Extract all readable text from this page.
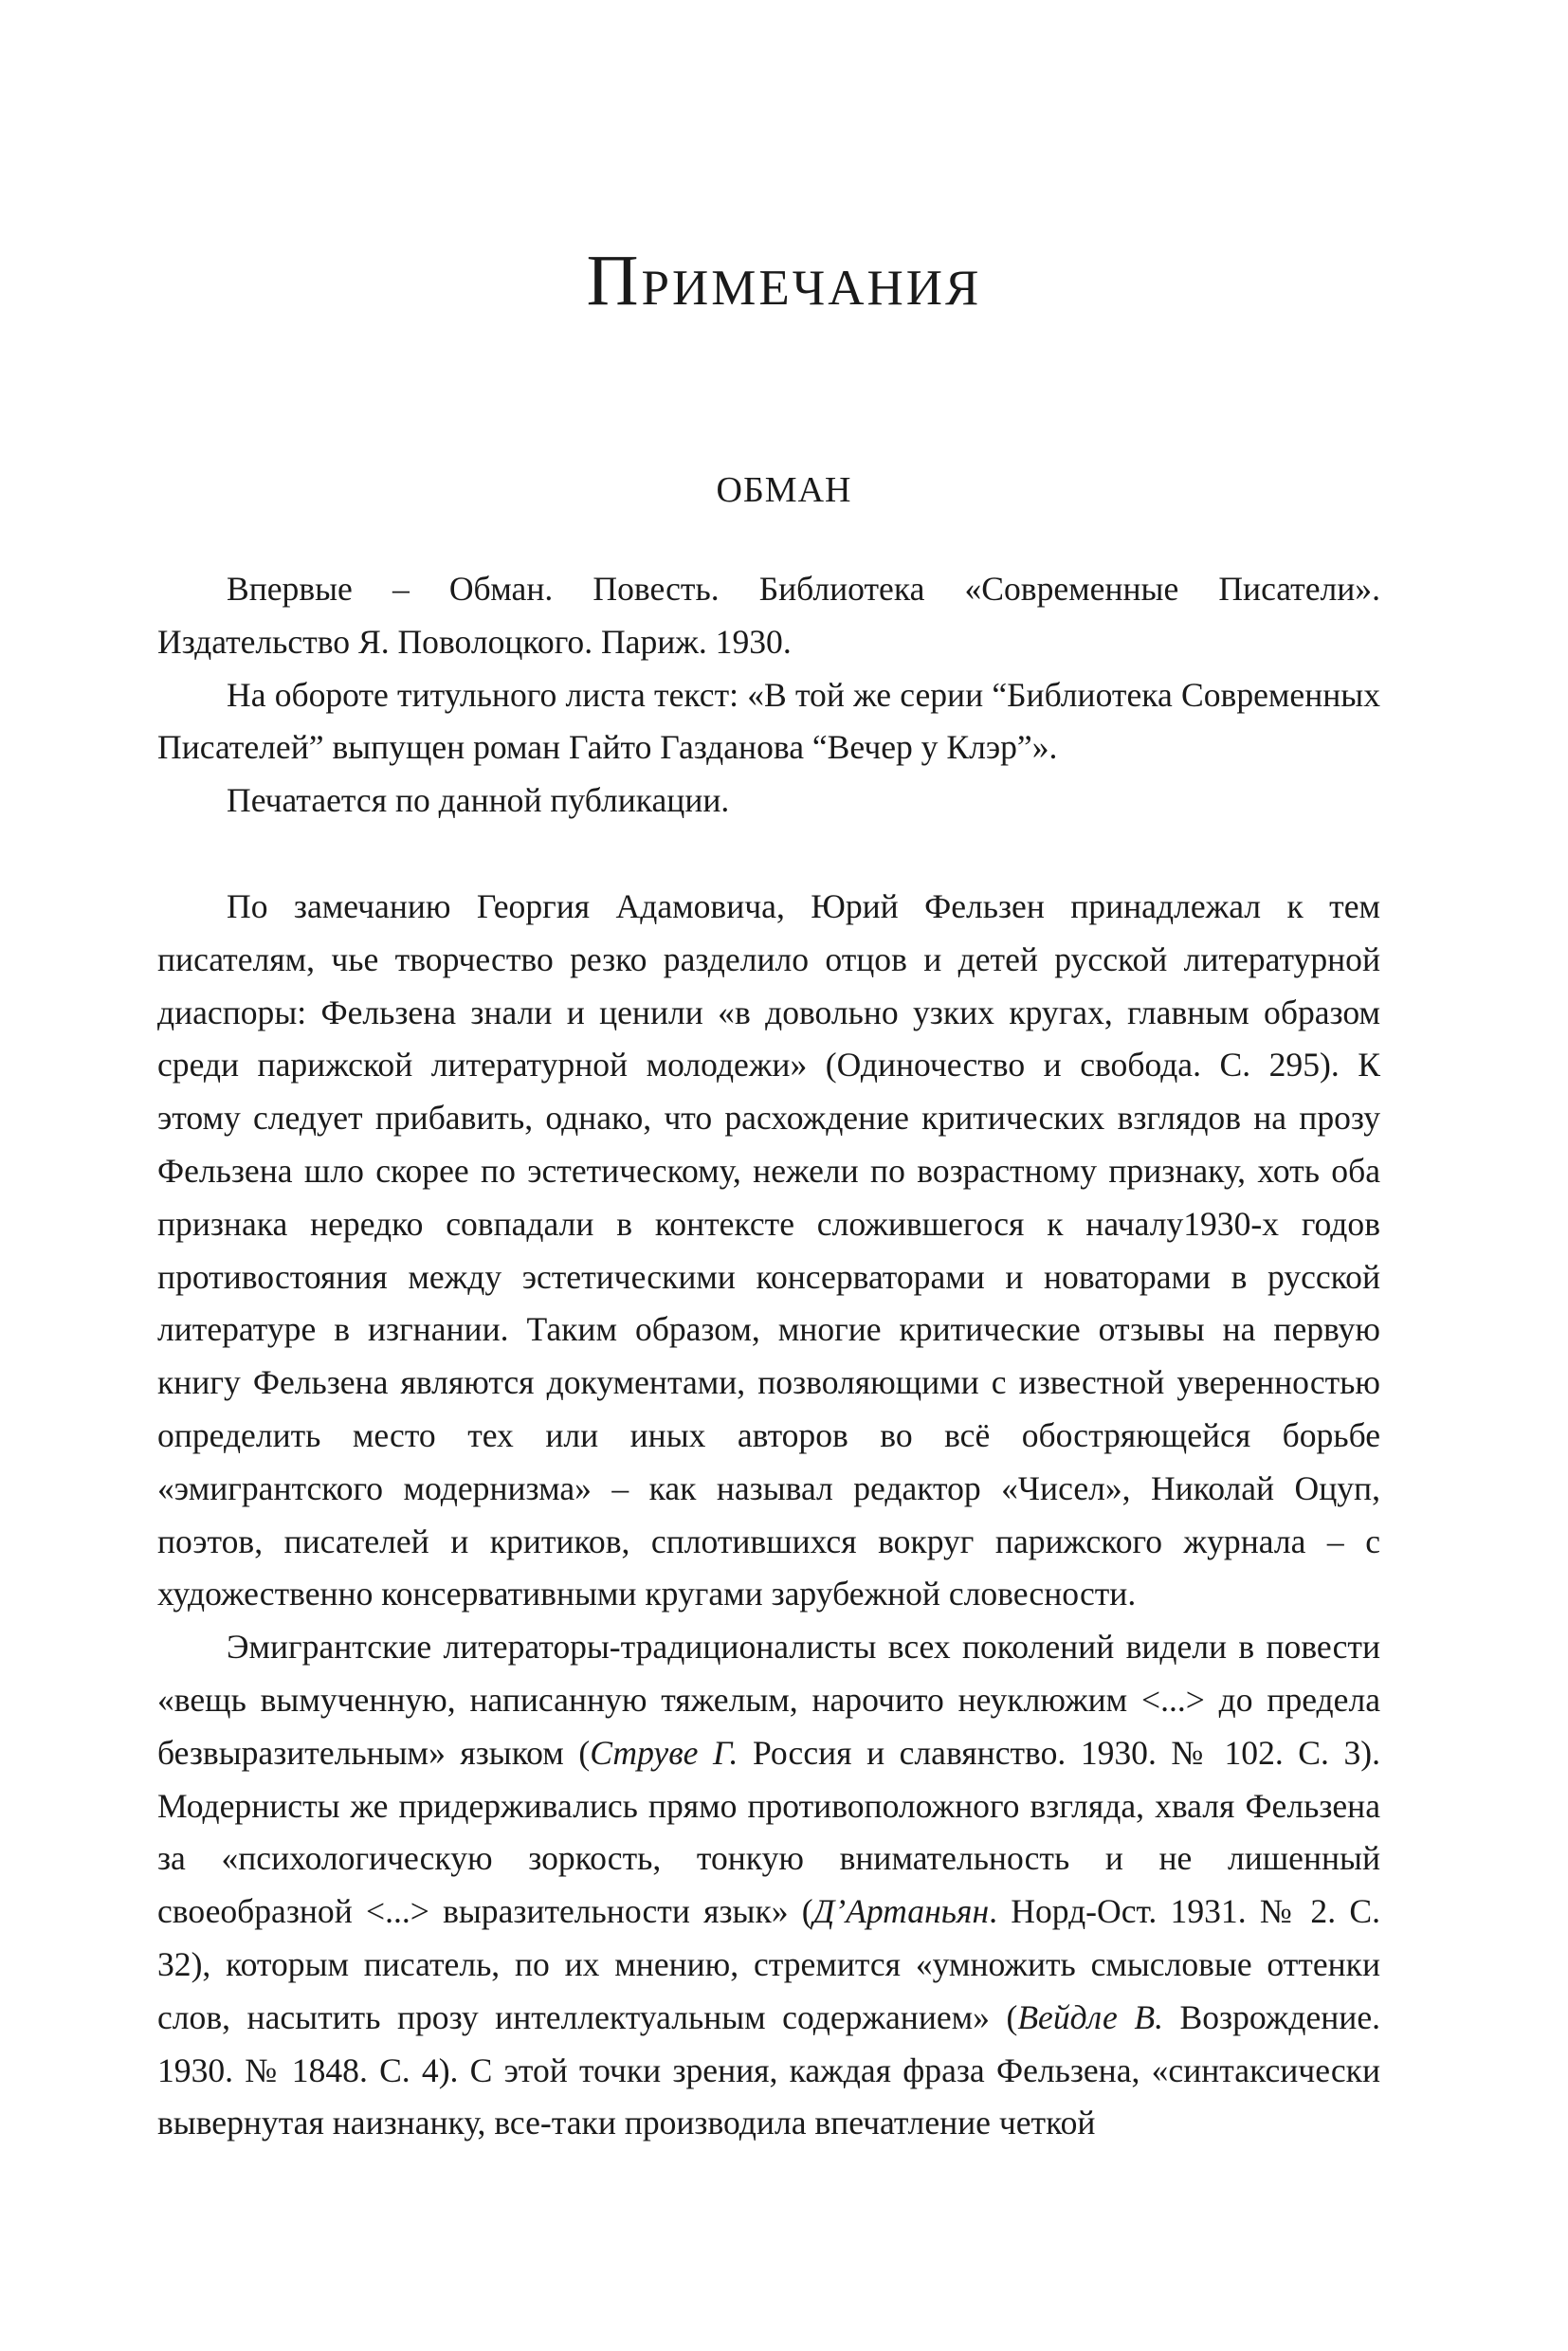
Примечания
ОБМАН

Впервые – Обман. Повесть. Библиотека «Современные Писатели». Издательство Я. Поволоцкого. Париж. 1930.

На обороте титульного листа текст: «В той же серии “Библиотека Современных Писателей” выпущен роман Гайто Газданова “Вечер у Клэр”».

Печатается по данной публикации.

По замечанию Георгия Адамовича, Юрий Фельзен принадлежал к тем писателям, чье творчество резко разделило отцов и детей русской литературной диаспоры: Фельзена знали и ценили «в довольно узких кругах, главным образом среди парижской литературной молодежи» (Одиночество и свобода. С. 295). К этому следует прибавить, однако, что расхождение критических взглядов на прозу Фельзена шло скорее по эстетическому, нежели по возрастному признаку, хоть оба признака нередко совпадали в контексте сложившегося к началу1930-х годов противостояния между эстетическими консерваторами и новаторами в русской литературе в изгнании. Таким образом, многие критические отзывы на первую книгу Фельзена являются документами, позволяющими с известной уверенностью определить место тех или иных авторов во всё обостряющейся борьбе «эмигрантского модернизма» – как называл редактор «Чисел», Николай Оцуп, поэтов, писателей и критиков, сплотившихся вокруг парижского журнала – с художественно консервативными кругами зарубежной словесности.

Эмигрантские литераторы-традиционалисты всех поколений видели в повести «вещь вымученную, написанную тяжелым, нарочито неуклюжим <...> до предела безвыразительным» языком (Струве Г. Россия и славянство. 1930. № 102. С. 3). Модернисты же придерживались прямо противоположного взгляда, хваля Фельзена за «психологическую зоркость, тонкую внимательность и не лишенный своеобразной <...> выразительности язык» (Д’Артаньян. Норд-Ост. 1931. № 2. С. 32), которым писатель, по их мнению, стремится «умножить смысловые оттенки слов, насытить прозу интеллектуальным содержанием» (Вейдле В. Возрождение. 1930. № 1848. С. 4). С этой точки зрения, каждая фраза Фельзена, «синтаксически вывернутая наизнанку, все-таки производила впечатление четкой
